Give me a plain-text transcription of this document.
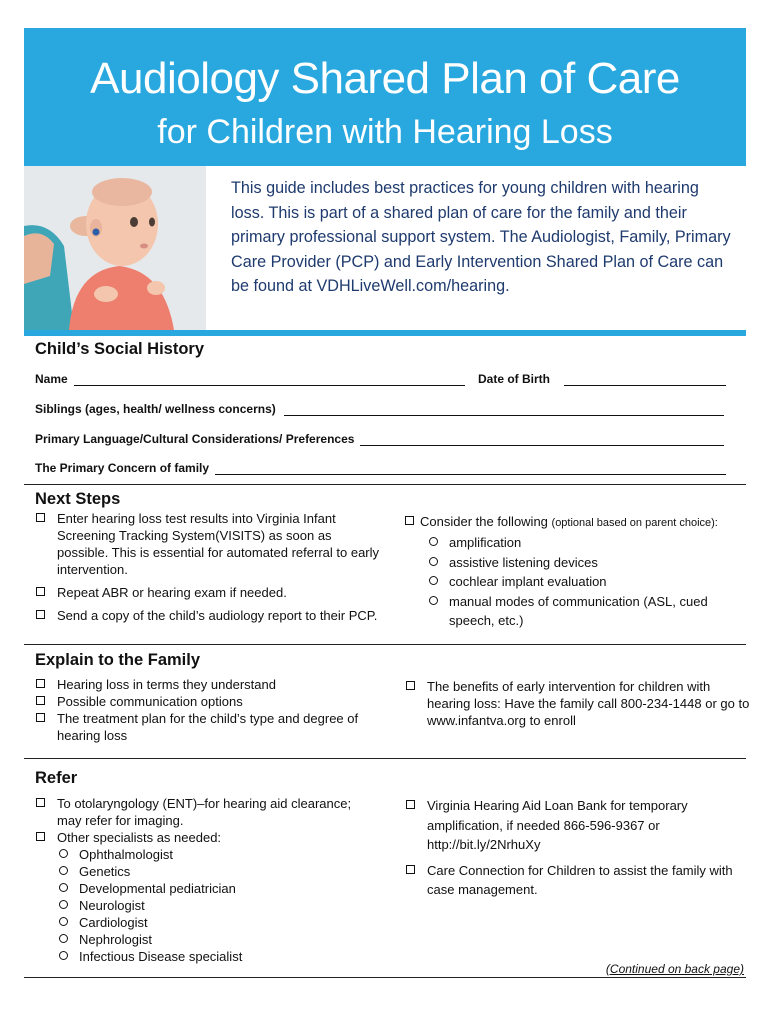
Audiology Shared Plan of Care
for Children with Hearing Loss
This guide includes best practices for young children with hearing loss. This is part of a shared plan of care for the family and their primary professional support system. The Audiologist, Family, Primary Care Provider (PCP) and Early Intervention Shared Plan of Care can be found at VDHLiveWell.com/hearing.
Child’s Social History
Name	Date of Birth
Siblings (ages, health/ wellness concerns)
Primary Language/Cultural Considerations/ Preferences
The Primary Concern of family
Next Steps
Enter hearing loss test results into Virginia Infant Screening Tracking System(VISITS) as soon as possible. This is essential for automated referral to early intervention.
Repeat ABR or hearing exam if needed.
Send a copy of the child’s audiology report to their PCP.
Consider the following (optional based on parent choice):
amplification
assistive listening devices
cochlear implant evaluation
manual modes of communication (ASL, cued speech, etc.)
Explain to the Family
Hearing loss in terms they understand
Possible communication options
The treatment plan for the child’s type and degree of hearing loss
The benefits of early intervention for children with hearing loss: Have the family call 800-234-1448 or go to www.infantva.org to enroll
Refer
To otolaryngology (ENT)–for hearing aid clearance; may refer for imaging.
Other specialists as needed:
Ophthalmologist
Genetics
Developmental pediatrician
Neurologist
Cardiologist
Nephrologist
Infectious Disease specialist
Virginia Hearing Aid Loan Bank for temporary amplification, if needed 866-596-9367 or http://bit.ly/2NrhuXy
Care Connection for Children to assist the family with case management.
(Continued on back page)
